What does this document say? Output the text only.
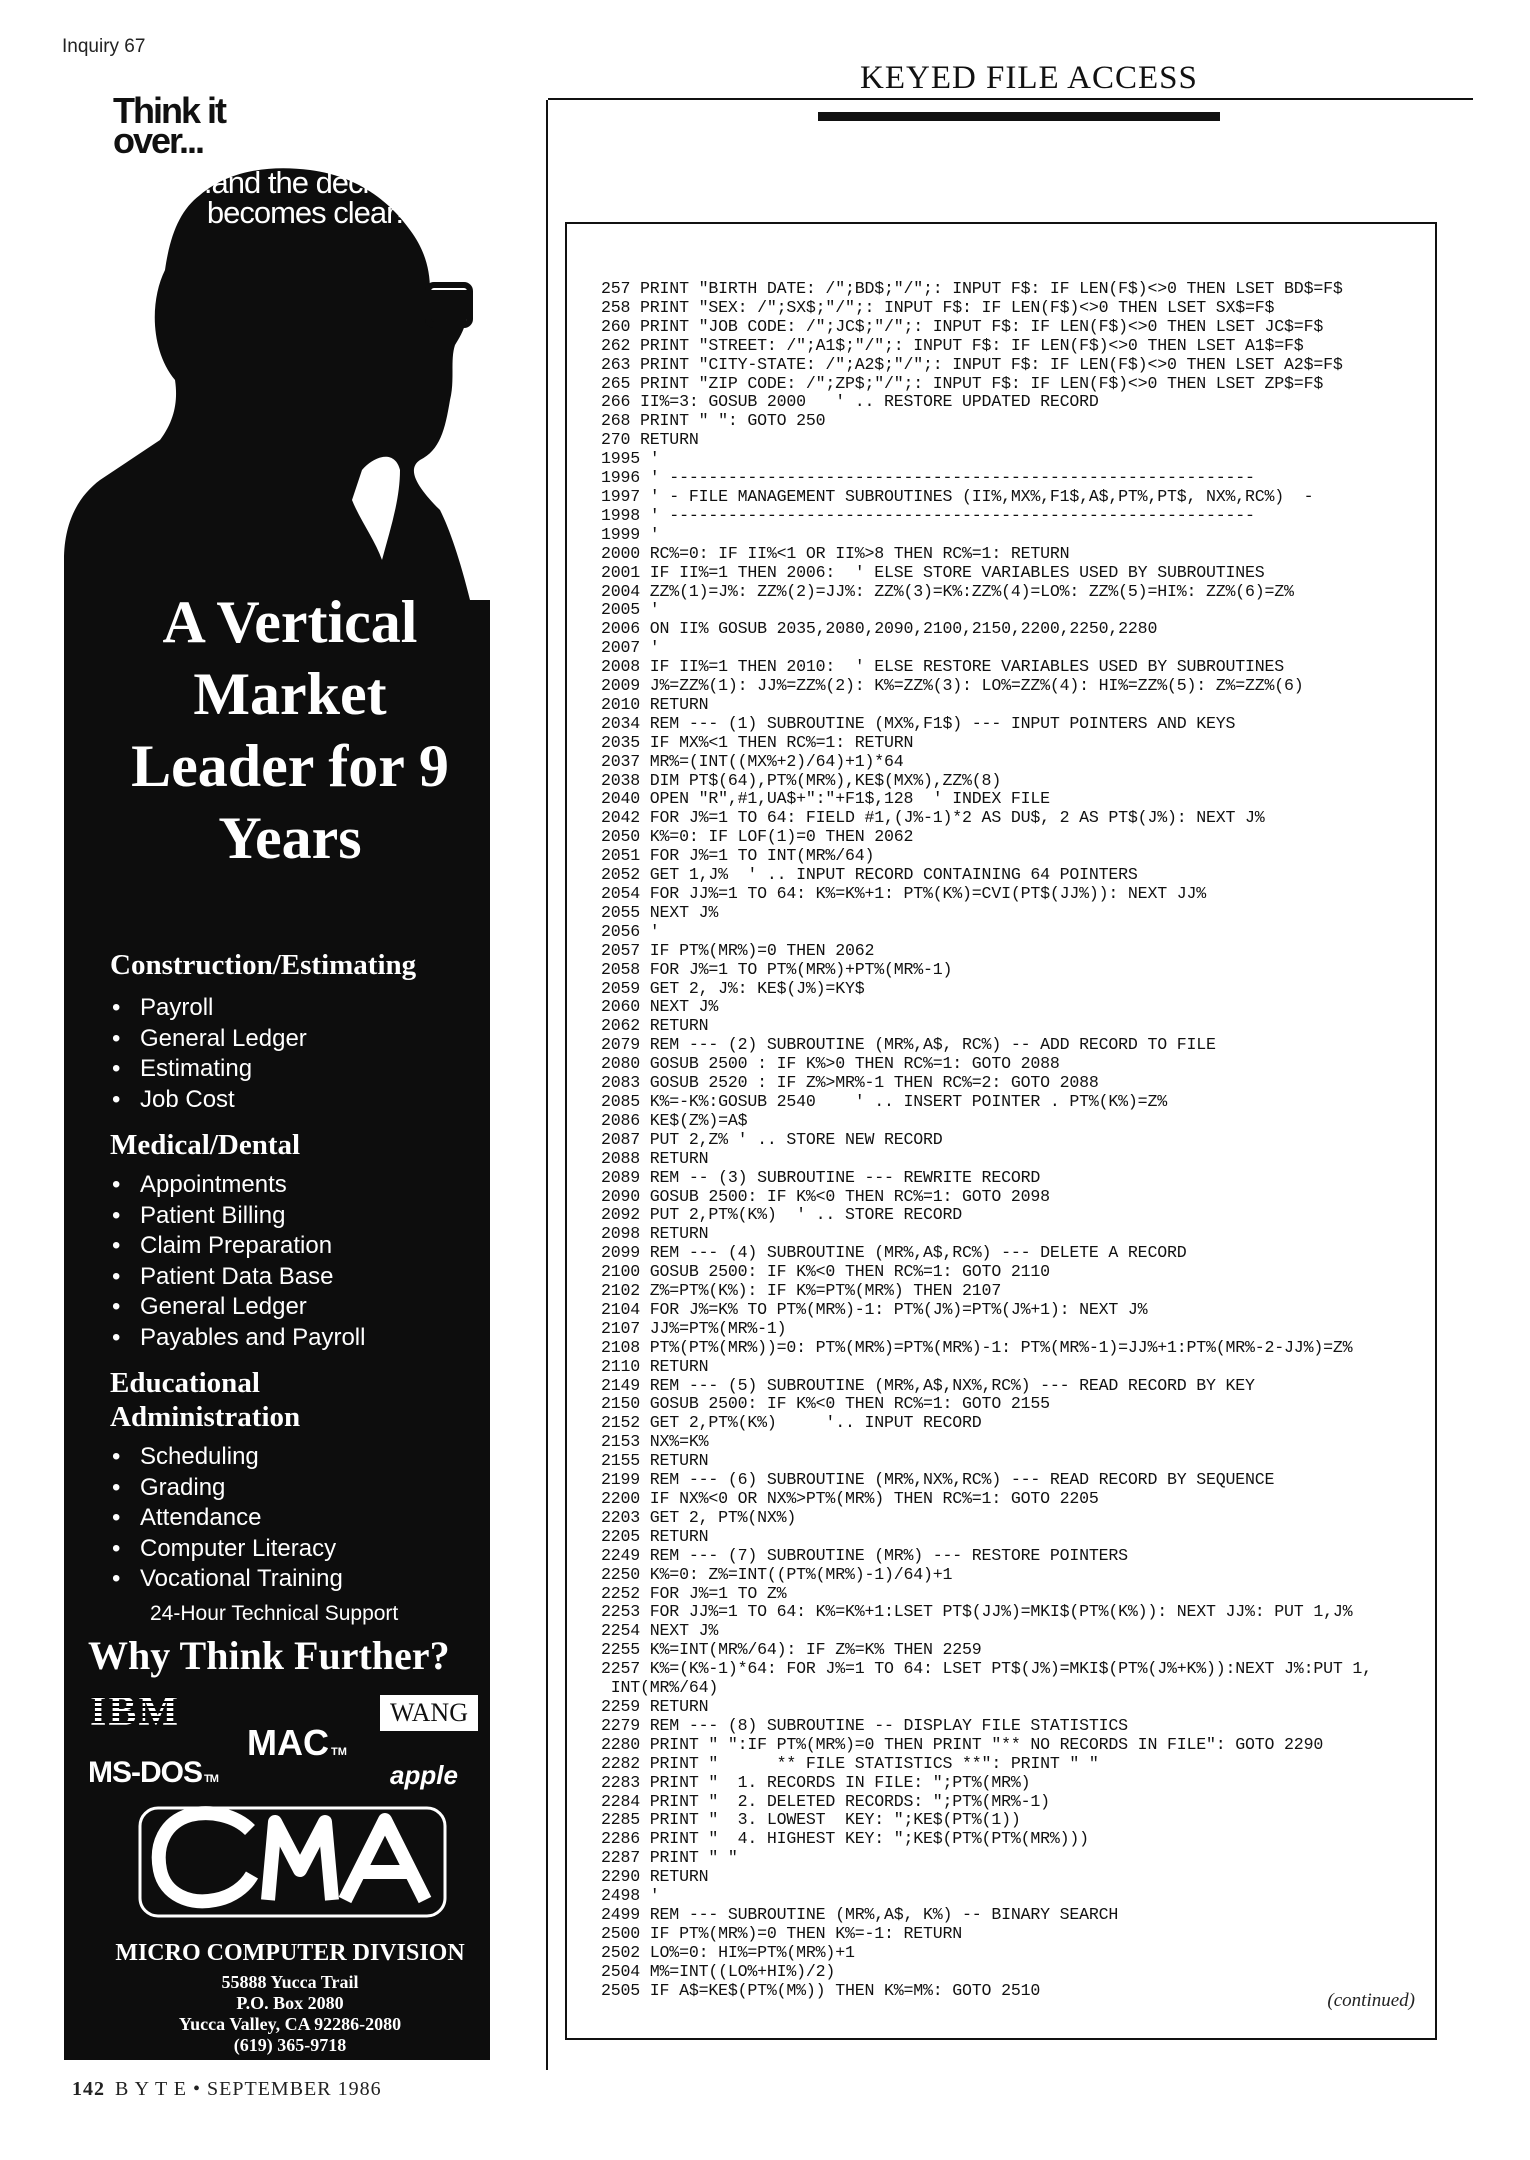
Inquiry 67
KEYED FILE ACCESS
257 PRINT "BIRTH DATE: /";BD$;"/";: INPUT F$: IF LEN(F$)<>0 THEN LSET BD$=F$
258 PRINT "SEX: /";SX$;"/";: INPUT F$: IF LEN(F$)<>0 THEN LSET SX$=F$
260 PRINT "JOB CODE: /";JC$;"/";: INPUT F$: IF LEN(F$)<>0 THEN LSET JC$=F$
262 PRINT "STREET: /";A1$;"/";: INPUT F$: IF LEN(F$)<>0 THEN LSET A1$=F$
263 PRINT "CITY-STATE: /";A2$;"/";: INPUT F$: IF LEN(F$)<>0 THEN LSET A2$=F$
265 PRINT "ZIP CODE: /";ZP$;"/";: INPUT F$: IF LEN(F$)<>0 THEN LSET ZP$=F$
266 II%=3: GOSUB 2000   ' .. RESTORE UPDATED RECORD
268 PRINT " ": GOTO 250
270 RETURN
1995 '
1996 ' ------------------------------------------------------------
1997 ' - FILE MANAGEMENT SUBROUTINES (II%,MX%,F1$,A$,PT%,PT$, NX%,RC%)  -
1998 ' ------------------------------------------------------------
1999 '
2000 RC%=0: IF II%<1 OR II%>8 THEN RC%=1: RETURN
2001 IF II%=1 THEN 2006:  ' ELSE STORE VARIABLES USED BY SUBROUTINES
2004 ZZ%(1)=J%: ZZ%(2)=JJ%: ZZ%(3)=K%:ZZ%(4)=LO%: ZZ%(5)=HI%: ZZ%(6)=Z%
2005 '
2006 ON II% GOSUB 2035,2080,2090,2100,2150,2200,2250,2280
2007 '
2008 IF II%=1 THEN 2010:  ' ELSE RESTORE VARIABLES USED BY SUBROUTINES
2009 J%=ZZ%(1): JJ%=ZZ%(2): K%=ZZ%(3): LO%=ZZ%(4): HI%=ZZ%(5): Z%=ZZ%(6)
2010 RETURN
2034 REM --- (1) SUBROUTINE (MX%,F1$) --- INPUT POINTERS AND KEYS
2035 IF MX%<1 THEN RC%=1: RETURN
2037 MR%=(INT((MX%+2)/64)+1)*64
2038 DIM PT$(64),PT%(MR%),KE$(MX%),ZZ%(8)
2040 OPEN "R",#1,UA$+":"+F1$,128  ' INDEX FILE
2042 FOR J%=1 TO 64: FIELD #1,(J%-1)*2 AS DU$, 2 AS PT$(J%): NEXT J%
2050 K%=0: IF LOF(1)=0 THEN 2062
2051 FOR J%=1 TO INT(MR%/64)
2052 GET 1,J%  ' .. INPUT RECORD CONTAINING 64 POINTERS
2054 FOR JJ%=1 TO 64: K%=K%+1: PT%(K%)=CVI(PT$(JJ%)): NEXT JJ%
2055 NEXT J%
2056 '
2057 IF PT%(MR%)=0 THEN 2062
2058 FOR J%=1 TO PT%(MR%)+PT%(MR%-1)
2059 GET 2, J%: KE$(J%)=KY$
2060 NEXT J%
2062 RETURN
2079 REM --- (2) SUBROUTINE (MR%,A$, RC%) -- ADD RECORD TO FILE
2080 GOSUB 2500 : IF K%>0 THEN RC%=1: GOTO 2088
2083 GOSUB 2520 : IF Z%>MR%-1 THEN RC%=2: GOTO 2088
2085 K%=-K%:GOSUB 2540    ' .. INSERT POINTER . PT%(K%)=Z%
2086 KE$(Z%)=A$
2087 PUT 2,Z% ' .. STORE NEW RECORD
2088 RETURN
2089 REM -- (3) SUBROUTINE --- REWRITE RECORD
2090 GOSUB 2500: IF K%<0 THEN RC%=1: GOTO 2098
2092 PUT 2,PT%(K%)  ' .. STORE RECORD
2098 RETURN
2099 REM --- (4) SUBROUTINE (MR%,A$,RC%) --- DELETE A RECORD
2100 GOSUB 2500: IF K%<0 THEN RC%=1: GOTO 2110
2102 Z%=PT%(K%): IF K%=PT%(MR%) THEN 2107
2104 FOR J%=K% TO PT%(MR%)-1: PT%(J%)=PT%(J%+1): NEXT J%
2107 JJ%=PT%(MR%-1)
2108 PT%(PT%(MR%))=0: PT%(MR%)=PT%(MR%)-1: PT%(MR%-1)=JJ%+1:PT%(MR%-2-JJ%)=Z%
2110 RETURN
2149 REM --- (5) SUBROUTINE (MR%,A$,NX%,RC%) --- READ RECORD BY KEY
2150 GOSUB 2500: IF K%<0 THEN RC%=1: GOTO 2155
2152 GET 2,PT%(K%)     '.. INPUT RECORD
2153 NX%=K%
2155 RETURN
2199 REM --- (6) SUBROUTINE (MR%,NX%,RC%) --- READ RECORD BY SEQUENCE
2200 IF NX%<0 OR NX%>PT%(MR%) THEN RC%=1: GOTO 2205
2203 GET 2, PT%(NX%)
2205 RETURN
2249 REM --- (7) SUBROUTINE (MR%) --- RESTORE POINTERS
2250 K%=0: Z%=INT((PT%(MR%)-1)/64)+1
2252 FOR J%=1 TO Z%
2253 FOR JJ%=1 TO 64: K%=K%+1:LSET PT$(JJ%)=MKI$(PT%(K%)): NEXT JJ%: PUT 1,J%
2254 NEXT J%
2255 K%=INT(MR%/64): IF Z%=K% THEN 2259
2257 K%=(K%-1)*64: FOR J%=1 TO 64: LSET PT$(J%)=MKI$(PT%(J%+K%)):NEXT J%:PUT 1,
INT(MR%/64)
2259 RETURN
2279 REM --- (8) SUBROUTINE -- DISPLAY FILE STATISTICS
2280 PRINT " ":IF PT%(MR%)=0 THEN PRINT "** NO RECORDS IN FILE": GOTO 2290
2282 PRINT "      ** FILE STATISTICS **": PRINT " "
2283 PRINT "  1. RECORDS IN FILE: ";PT%(MR%)
2284 PRINT "  2. DELETED RECORDS: ";PT%(MR%-1)
2285 PRINT "  3. LOWEST  KEY: ";KE$(PT%(1))
2286 PRINT "  4. HIGHEST KEY: ";KE$(PT%(PT%(MR%)))
2287 PRINT " "
2290 RETURN
2498 '
2499 REM --- SUBROUTINE (MR%,A$, K%) -- BINARY SEARCH
2500 IF PT%(MR%)=0 THEN K%=-1: RETURN
2502 LO%=0: HI%=PT%(MR%)+1
2504 M%=INT((LO%+HI%)/2)
2505 IF A$=KE$(PT%(M%)) THEN K%=M%: GOTO 2510	(continued)
Think it over...
...and the decision becomes clear!
A Vertical Market Leader for 9 Years
Construction/Estimating
• Payroll
• General Ledger
• Estimating
• Job Cost
Medical/Dental
• Appointments
• Patient Billing
• Claim Preparation
• Patient Data Base
• General Ledger
• Payables and Payroll
Educational Administration
• Scheduling
• Grading
• Attendance
• Computer Literacy
• Vocational Training
24-Hour Technical Support
Why Think Further?
IBM	WANG
MAC TM
MS-DOS TM	apple
MICRO COMPUTER DIVISION
55888 Yucca Trail
P.O. Box 2080
Yucca Valley, CA 92286-2080
(619) 365-9718
142 B Y T E • SEPTEMBER 1986
